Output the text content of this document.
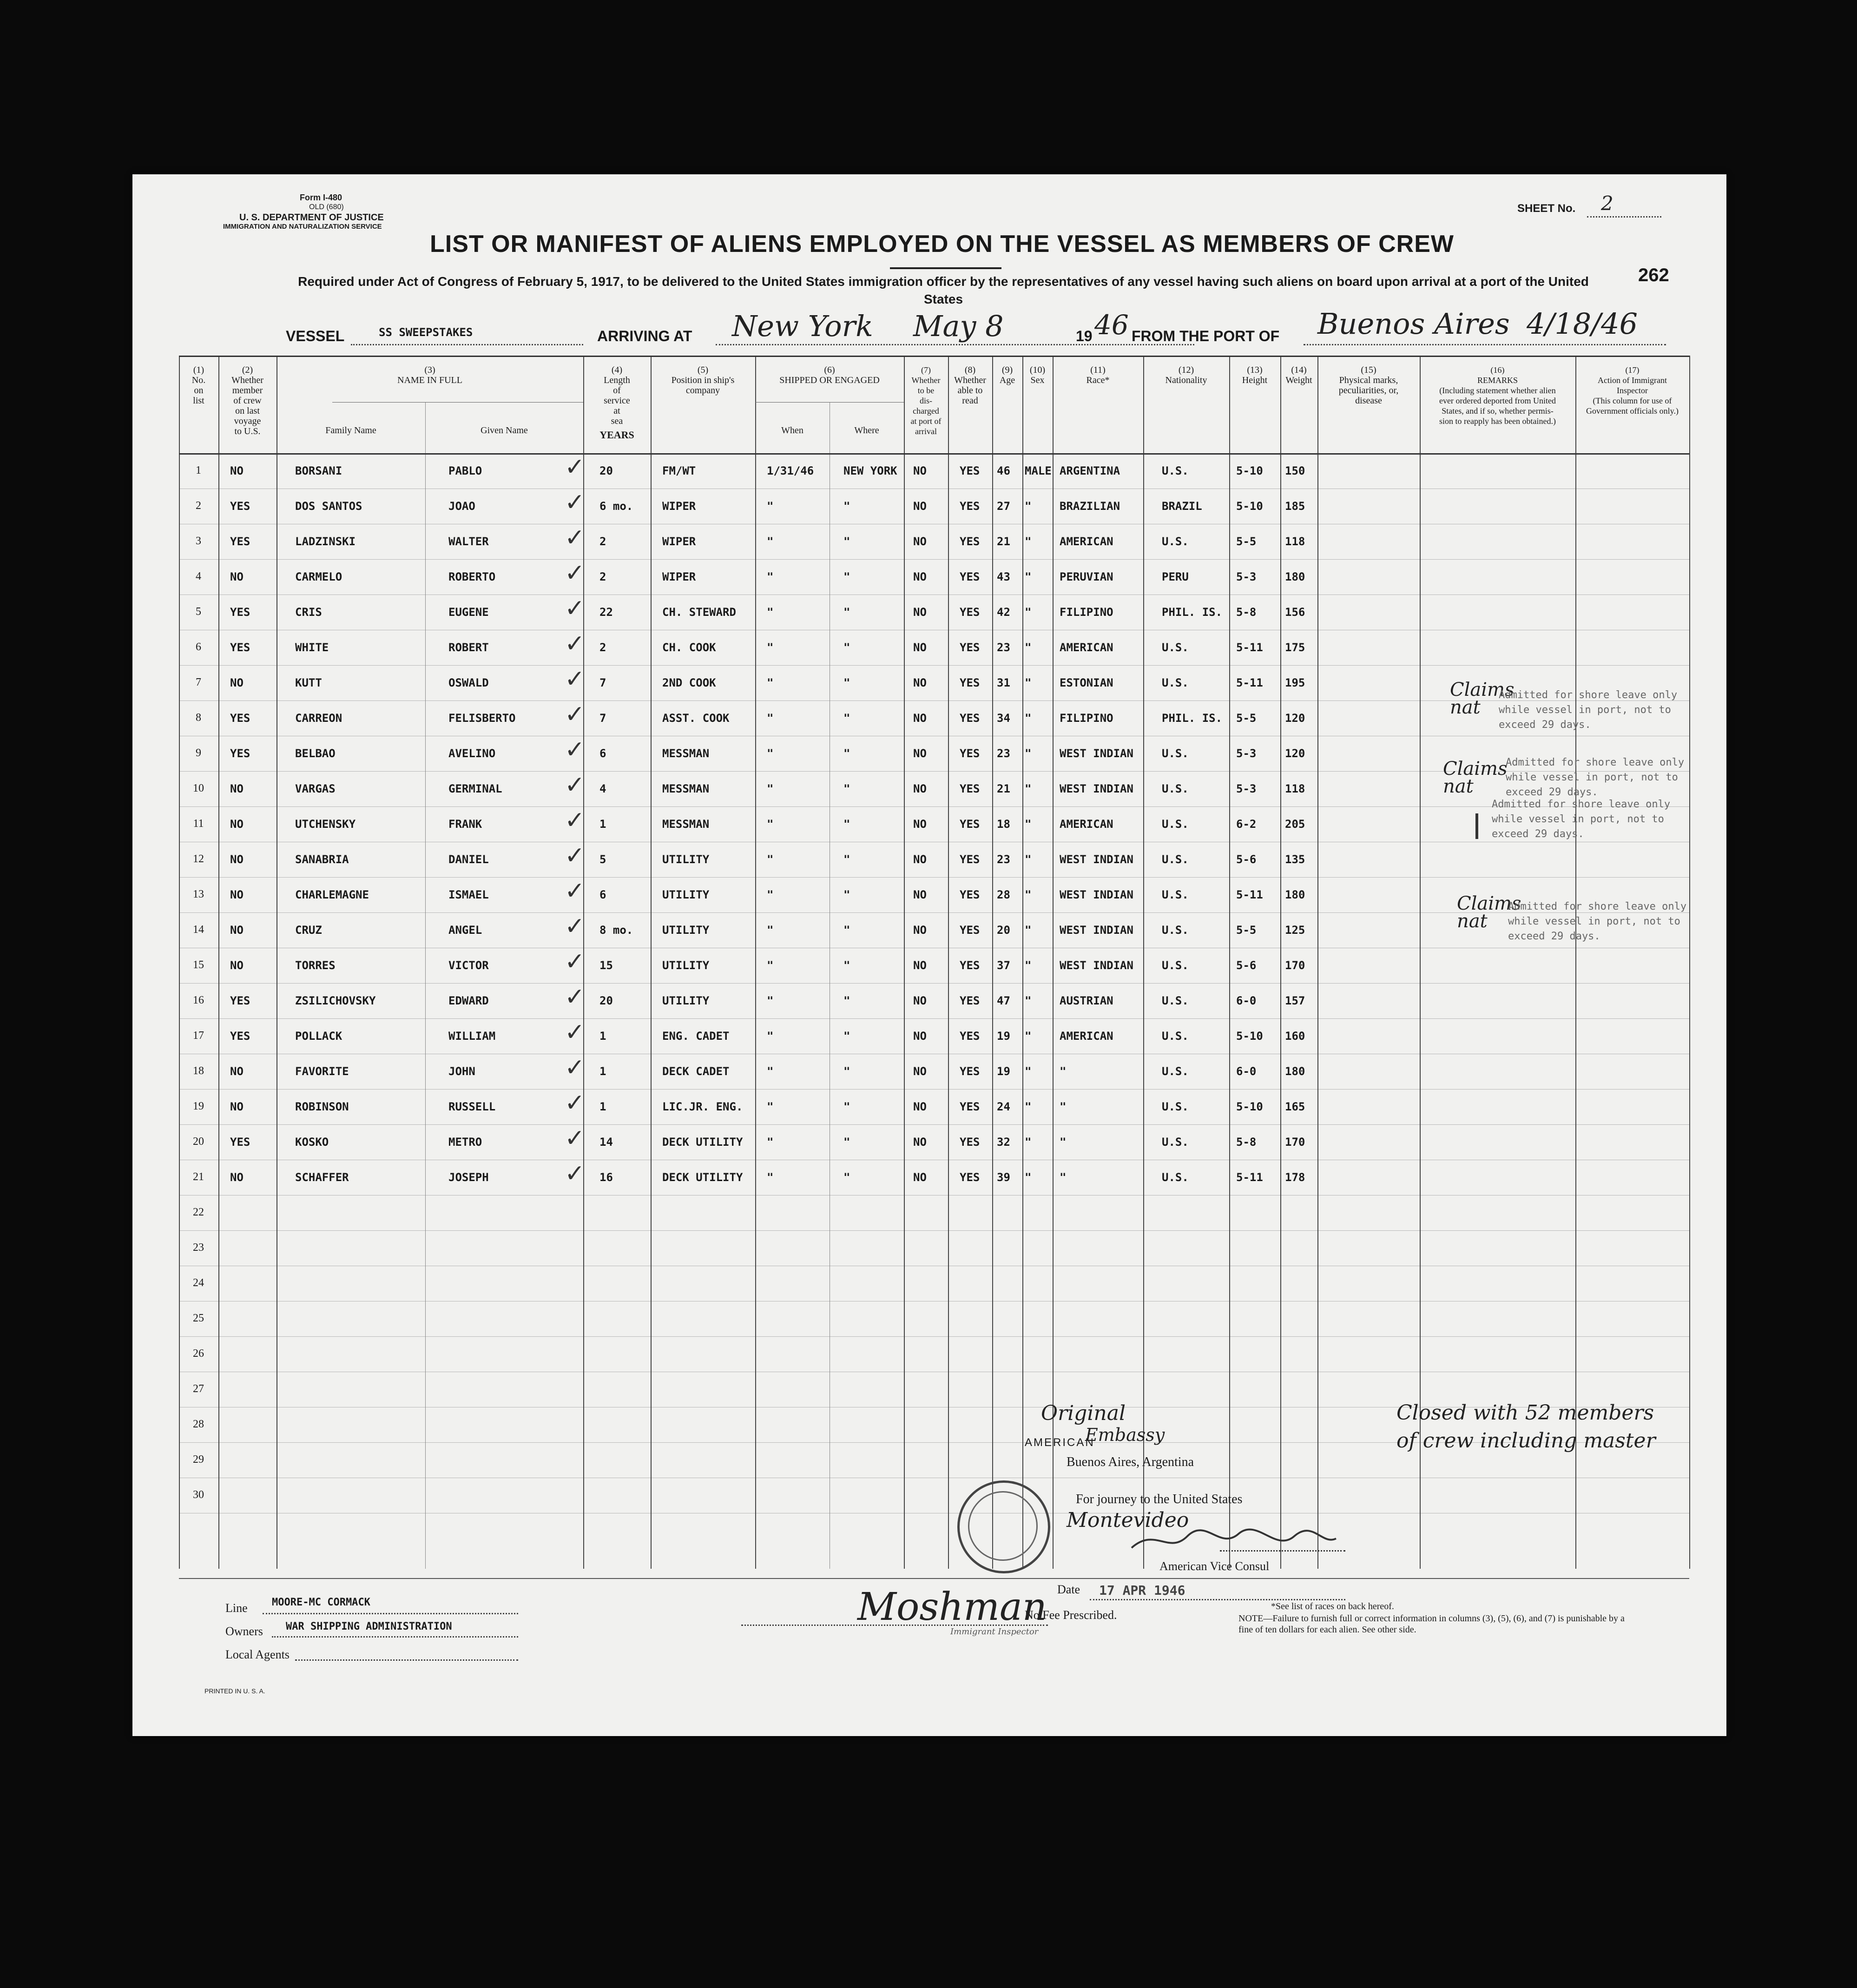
Form I-480
OLD (680)
U. S. DEPARTMENT OF JUSTICE
IMMIGRATION AND NATURALIZATION SERVICE
SHEET No. 2
262
LIST OR MANIFEST OF ALIENS EMPLOYED ON THE VESSEL AS MEMBERS OF CREW
Required under Act of Congress of February 5, 1917, to be delivered to the United States immigration officer by the representatives of any vessel having such aliens on board upon arrival at a port of the United States
VESSEL	SS SWEEPSTAKES	ARRIVING AT New York May 8	19 46 FROM THE PORT OF Buenos Aires 4/18/46
(1)
No.
on
list
(2)
Whether
member
of crew
on last
voyage
to U.S.
(3)
NAME IN FULL
Family Name	Given Name
(4)
Length
of
service
at
sea
YEARS
(5)
Position in ship's
company
(6)
SHIPPED OR ENGAGED
When	Where
(7)
Whether
to be
dis-
charged
at port of
arrival
(8)
Whether
able to
read
(9)
Age
(10)
Sex
(11)
Race*
(12)
Nationality
(13)
Height
(14)
Weight
(15)
Physical marks,
peculiarities, or,
disease
(16)
REMARKS
(Including statement whether alien
ever ordered deported from United
States, and if so, whether permis-
sion to reapply has been obtained.)
(17)
Action of Immigrant
Inspector
(This column for use of
Government officials only.)
1	NO	BORSANI	PABLO	20	FM/WT	1/31/46	NEW YORK NO	YES 46 MALE ARGENTINA	U.S.	5-10 150
✓
2	YES	DOS SANTOS	JOAO	6 mo.	WIPER	"	"	NO	YES 27 "	BRAZILIAN	BRAZIL	5-10 185
✓
3	YES	LADZINSKI	WALTER	2	WIPER	"	"	NO	YES 21 "	AMERICAN	U.S.	5-5	118
✓
4	NO	CARMELO	ROBERTO	2	WIPER	"	"	NO	YES 43 "	PERUVIAN	PERU	5-3	180
✓
5	YES	CRIS	EUGENE	22	CH. STEWARD	"	"	NO	YES 42 "	FILIPINO	PHIL. IS. 5-8	156
✓
6	YES	WHITE	ROBERT	2	CH. COOK	"	"	NO	YES 23 "	AMERICAN	U.S.	5-11 175
✓
7	NO	KUTT	OSWALD	7	2ND COOK	"	"	NO	YES 31 "	ESTONIAN	U.S.	5-11 195
✓
8	YES	CARREON	FELISBERTO	7	ASST. COOK	"	"	NO	YES 34 "	FILIPINO	PHIL. IS. 5-5	120
✓
9	YES	BELBAO	AVELINO	6	MESSMAN	"	"	NO	YES 23 "	WEST INDIAN	U.S.	5-3	120
✓
10	NO	VARGAS	GERMINAL	4	MESSMAN	"	"	NO	YES 21 "	WEST INDIAN	U.S.	5-3	118
✓
11	NO	UTCHENSKY	FRANK	1	MESSMAN	"	"	NO	YES 18 "	AMERICAN	U.S.	6-2	205
✓
12	NO	SANABRIA	DANIEL	5	UTILITY	"	"	NO	YES 23 "	WEST INDIAN	U.S.	5-6	135
✓
13	NO	CHARLEMAGNE	ISMAEL	6	UTILITY	"	"	NO	YES 28 "	WEST INDIAN	U.S.	5-11 180
✓
14	NO	CRUZ	ANGEL	8 mo.	UTILITY	"	"	NO	YES 20 "	WEST INDIAN	U.S.	5-5	125
✓
15	NO	TORRES	VICTOR	15	UTILITY	"	"	NO	YES 37 "	WEST INDIAN	U.S.	5-6	170
✓
16	YES	ZSILICHOVSKY	EDWARD	20	UTILITY	"	"	NO	YES 47 "	AUSTRIAN	U.S.	6-0	157
✓
17	YES	POLLACK	WILLIAM	1	ENG. CADET	"	"	NO	YES 19 "	AMERICAN	U.S.	5-10 160
✓
18	NO	FAVORITE	JOHN	1	DECK CADET	"	"	NO	YES 19 "	"	U.S.	6-0	180
✓
19	NO	ROBINSON	RUSSELL	1	LIC.JR. ENG. "	"	NO	YES 24 "	"	U.S.	5-10 165
✓
20	YES	KOSKO	METRO	14	DECK UTILITY "	"	NO	YES 32 "	"	U.S.	5-8	170
✓
21	NO	SCHAFFER	JOSEPH	16	DECK UTILITY "	"	NO	YES 39 "	"	U.S.	5-11 178
✓
22
23
24
25
26
27
28
29
30
Claims
nat
Admitted for shore leave only
while vessel in port, not to
exceed 29 days.
Claims
nat
Admitted for shore leave only
while vessel in port, not to
exceed 29 days.
Admitted for shore leave only
while vessel in port, not to
exceed 29 days.
Claims
nat
Admitted for shore leave only
while vessel in port, not to
exceed 29 days.
Closed with 52 members
of crew including master
Original
AMERICAN
Embassy
Buenos Aires, Argentina
For journey to the United States
Montevideo
American Vice Consul
Date 17 APR 1946
No Fee Prescribed.
Line MOORE-MC CORMACK
Owners WAR SHIPPING ADMINISTRATION
Local Agents
Moshman
Immigrant Inspector
*See list of races on back hereof.
NOTE—Failure to furnish full or correct information in columns (3), (5), (6), and (7) is punishable by a fine of ten dollars for each alien. See other side.
PRINTED IN U. S. A.
